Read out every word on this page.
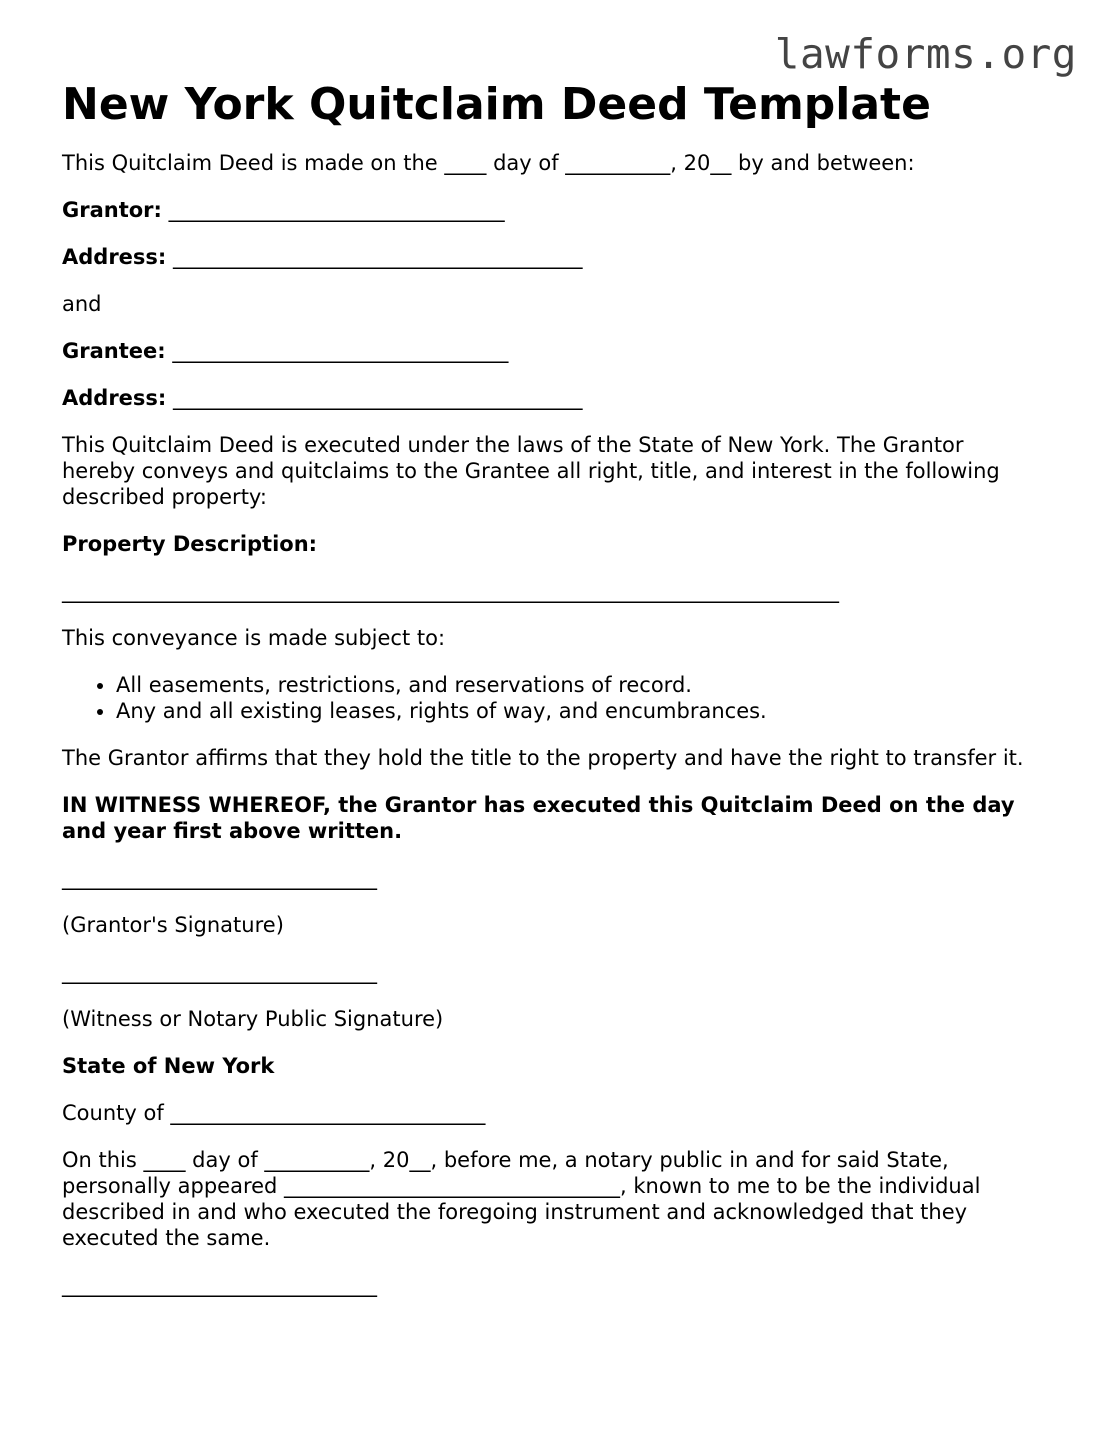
lawforms.org
New York Quitclaim Deed Template

This Quitclaim Deed is made on the ____ day of __________, 20__ by and between:

Grantor: ________________________________

Address: _______________________________________

and

Grantee: ________________________________

Address: _______________________________________

This Quitclaim Deed is executed under the laws of the State of New York. The Grantor hereby conveys and quitclaims to the Grantee all right, title, and interest in the following described property:

Property Description:

__________________________________________________________________________

This conveyance is made subject to:

• All easements, restrictions, and reservations of record.
• Any and all existing leases, rights of way, and encumbrances.

The Grantor affirms that they hold the title to the property and have the right to transfer it.

IN WITNESS WHEREOF, the Grantor has executed this Quitclaim Deed on the day and year first above written.

______________________________

(Grantor's Signature)

______________________________

(Witness or Notary Public Signature)

State of New York

County of ______________________________

On this ____ day of __________, 20__, before me, a notary public in and for said State, personally appeared ________________________________, known to me to be the individual described in and who executed the foregoing instrument and acknowledged that they executed the same.

______________________________
